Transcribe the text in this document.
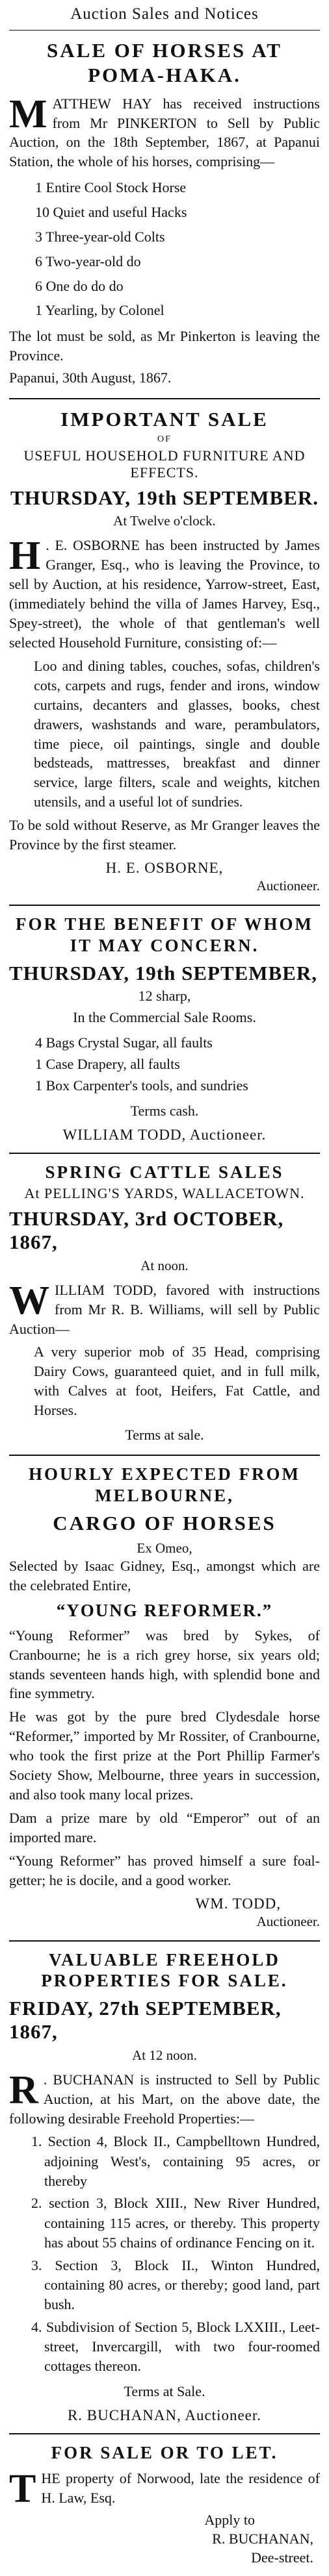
Auction Sales and Notices
SALE OF HORSES AT POMA-HAKA.

MATTHEW HAY has received instructions from Mr PINKERTON to Sell by Public Auction, on the 18th September, 1867, at Papanui Station, the whole of his horses, comprising—

1 Entire Cool Stock Horse
10 Quiet and useful Hacks
3 Three-year-old Colts
6 Two-year-old do
6 One do do do
1 Yearling, by Colonel

The lot must be sold, as Mr Pinkerton is leaving the Province.

Papanui, 30th August, 1867.
IMPORTANT SALE
OF
USEFUL HOUSEHOLD FURNITURE AND EFFECTS.
THURSDAY, 19th SEPTEMBER.
At Twelve o'clock.

H . E. OSBORNE has been instructed by James Granger, Esq., who is leaving the Province, to sell by Auction, at his residence, Yarrow-street, East, (immediately behind the villa of James Harvey, Esq., Spey-street), the whole of that gentleman's well selected Household Furniture, consisting of:—

Loo and dining tables, couches, sofas, children's cots, carpets and rugs, fender and irons, window curtains, decanters and glasses, books, chest drawers, washstands and ware, perambulators, time piece, oil paintings, single and double bedsteads, mattresses, breakfast and dinner service, large filters, scale and weights, kitchen utensils, and a useful lot of sundries.

To be sold without Reserve, as Mr Granger leaves the Province by the first steamer.

H. E. OSBORNE,
Auctioneer.
FOR THE BENEFIT OF WHOM IT MAY CONCERN.
THURSDAY, 19th SEPTEMBER,
12 sharp,
In the Commercial Sale Rooms.
4 Bags Crystal Sugar, all faults
1 Case Drapery, all faults
1 Box Carpenter's tools, and sundries
Terms cash.
WILLIAM TODD, Auctioneer.
SPRING CATTLE SALES
At PELLING'S YARDS, WALLACETOWN.
THURSDAY, 3rd OCTOBER, 1867,
At noon.

WILLIAM TODD, favored with instructions from Mr R. B. Williams, will sell by Public Auction—

A very superior mob of 35 Head, comprising Dairy Cows, guaranteed quiet, and in full milk, with Calves at foot, Heifers, Fat Cattle, and Horses.

Terms at sale.
HOURLY EXPECTED FROM MELBOURNE,
CARGO OF HORSES
Ex Omeo,

Selected by Isaac Gidney, Esq., amongst which are the celebrated Entire,

“YOUNG REFORMER.”

“Young Reformer” was bred by Sykes, of Cranbourne; he is a rich grey horse, six years old; stands seventeen hands high, with splendid bone and fine symmetry.

He was got by the pure bred Clydesdale horse “Reformer,” imported by Mr Rossiter, of Cranbourne, who took the first prize at the Port Phillip Farmer's Society Show, Melbourne, three years in succession, and also took many local prizes.

Dam a prize mare by old “Emperor” out of an imported mare.

“Young Reformer” has proved himself a sure foal-getter; he is docile, and a good worker.

WM. TODD,
Auctioneer.
VALUABLE FREEHOLD PROPERTIES FOR SALE.
FRIDAY, 27th SEPTEMBER, 1867,
At 12 noon.

R . BUCHANAN is instructed to Sell by Public Auction, at his Mart, on the above date, the following desirable Freehold Properties:—

1. Section 4, Block II., Campbelltown Hundred, adjoining West's, containing 95 acres, or thereby
2. section 3, Block XIII., New River Hundred, containing 115 acres, or thereby. This property has about 55 chains of ordinance Fencing on it.
3. Section 3, Block II., Winton Hundred, containing 80 acres, or thereby; good land, part bush.
4. Subdivision of Section 5, Block LXXIII., Leet-street, Invercargill, with two four-roomed cottages thereon.
Terms at Sale.
R. BUCHANAN, Auctioneer.
FOR SALE OR TO LET.

THE property of Norwood, late the residence of H. Law, Esq.

Apply to
R. BUCHANAN,
Dee-street.
